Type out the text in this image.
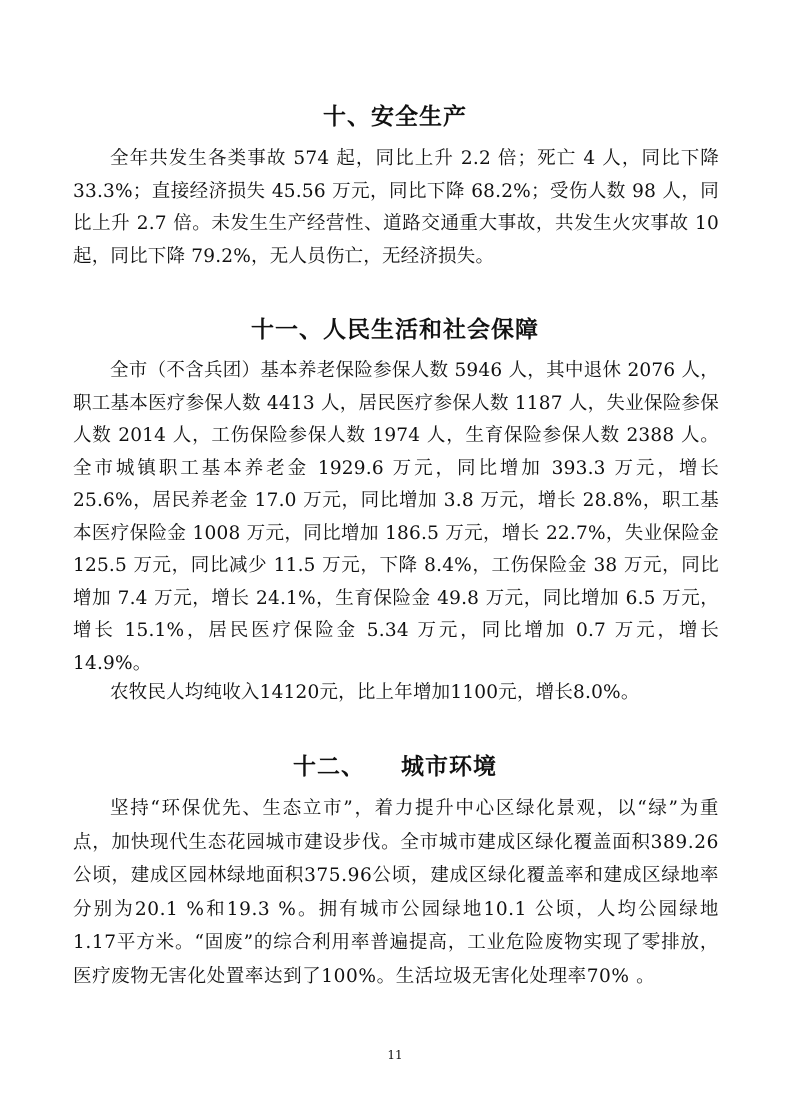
十、安全生产

全年共发生各类事故 574 起，同比上升 2.2 倍；死亡 4 人，同比下降 33.3%；直接经济损失 45.56 万元，同比下降 68.2%；受伤人数 98 人，同比上升 2.7 倍。未发生生产经营性、道路交通重大事故，共发生火灾事故 10 起，同比下降 79.2%，无人员伤亡，无经济损失。

十一、人民生活和社会保障

全市（不含兵团）基本养老保险参保人数 5946 人，其中退休 2076 人，职工基本医疗参保人数 4413 人，居民医疗参保人数 1187 人，失业保险参保人数 2014 人，工伤保险参保人数 1974 人，生育保险参保人数 2388 人。全市城镇职工基本养老金 1929.6 万元，同比增加 393.3 万元，增长 25.6%，居民养老金 17.0 万元，同比增加 3.8 万元，增长 28.8%，职工基本医疗保险金 1008 万元，同比增加 186.5 万元，增长 22.7%，失业保险金 125.5 万元，同比减少 11.5 万元，下降 8.4%，工伤保险金 38 万元，同比增加 7.4 万元，增长 24.1%，生育保险金 49.8 万元，同比增加 6.5 万元，增长 15.1%，居民医疗保险金 5.34 万元，同比增加 0.7 万元，增长 14.9%。

农牧民人均纯收入14120元，比上年增加1100元，增长8.0%。

十二、 城市环境

坚持“环保优先、生态立市”，着力提升中心区绿化景观，以“绿”为重点，加快现代生态花园城市建设步伐。全市城市建成区绿化覆盖面积389.26公顷，建成区园林绿地面积375.96公顷，建成区绿化覆盖率和建成区绿地率分别为20.1 %和19.3 %。拥有城市公园绿地10.1 公顷，人均公园绿地1.17平方米。“固废”的综合利用率普遍提高，工业危险废物实现了零排放，医疗废物无害化处置率达到了100%。生活垃圾无害化处理率70% 。

11
